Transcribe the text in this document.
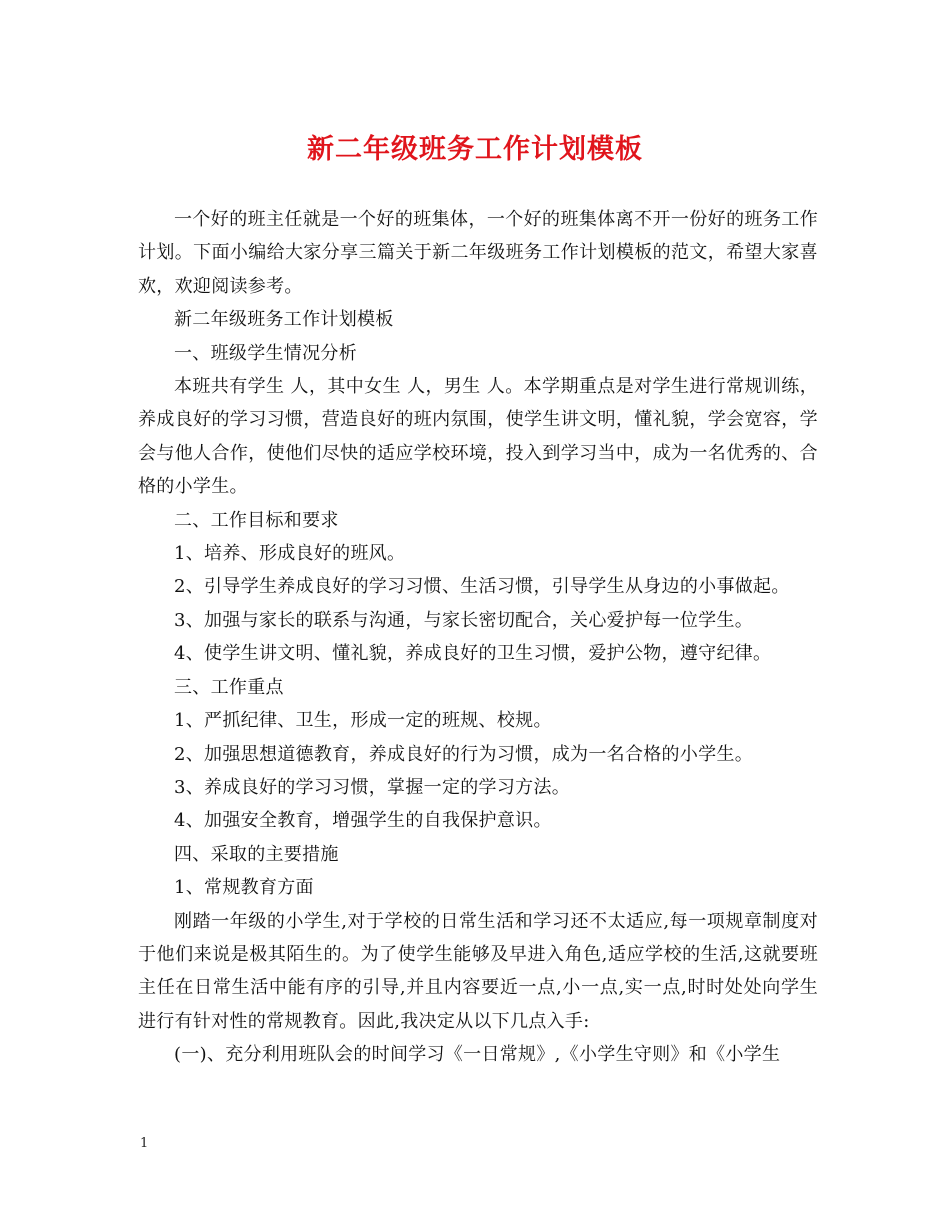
新二年级班务工作计划模板

一个好的班主任就是一个好的班集体，一个好的班集体离不开一份好的班务工作计划。下面小编给大家分享三篇关于新二年级班务工作计划模板的范文，希望大家喜欢，欢迎阅读参考。

新二年级班务工作计划模板

一、班级学生情况分析

本班共有学生 人，其中女生 人，男生 人。本学期重点是对学生进行常规训练，养成良好的学习习惯，营造良好的班内氛围，使学生讲文明，懂礼貌，学会宽容，学会与他人合作，使他们尽快的适应学校环境，投入到学习当中，成为一名优秀的、合格的小学生。

二、工作目标和要求

1、培养、形成良好的班风。

2、引导学生养成良好的学习习惯、生活习惯，引导学生从身边的小事做起。

3、加强与家长的联系与沟通，与家长密切配合，关心爱护每一位学生。

4、使学生讲文明、懂礼貌，养成良好的卫生习惯，爱护公物，遵守纪律。

三、工作重点

1、严抓纪律、卫生，形成一定的班规、校规。

2、加强思想道德教育，养成良好的行为习惯，成为一名合格的小学生。

3、养成良好的学习习惯，掌握一定的学习方法。

4、加强安全教育，增强学生的自我保护意识。

四、采取的主要措施

1、常规教育方面

刚踏一年级的小学生,对于学校的日常生活和学习还不太适应,每一项规章制度对于他们来说是极其陌生的。为了使学生能够及早进入角色,适应学校的生活,这就要班主任在日常生活中能有序的引导,并且内容要近一点,小一点,实一点,时时处处向学生进行有针对性的常规教育。因此,我决定从以下几点入手:

(一)、充分利用班队会的时间学习《一日常规》,《小学生守则》和《小学生

1
